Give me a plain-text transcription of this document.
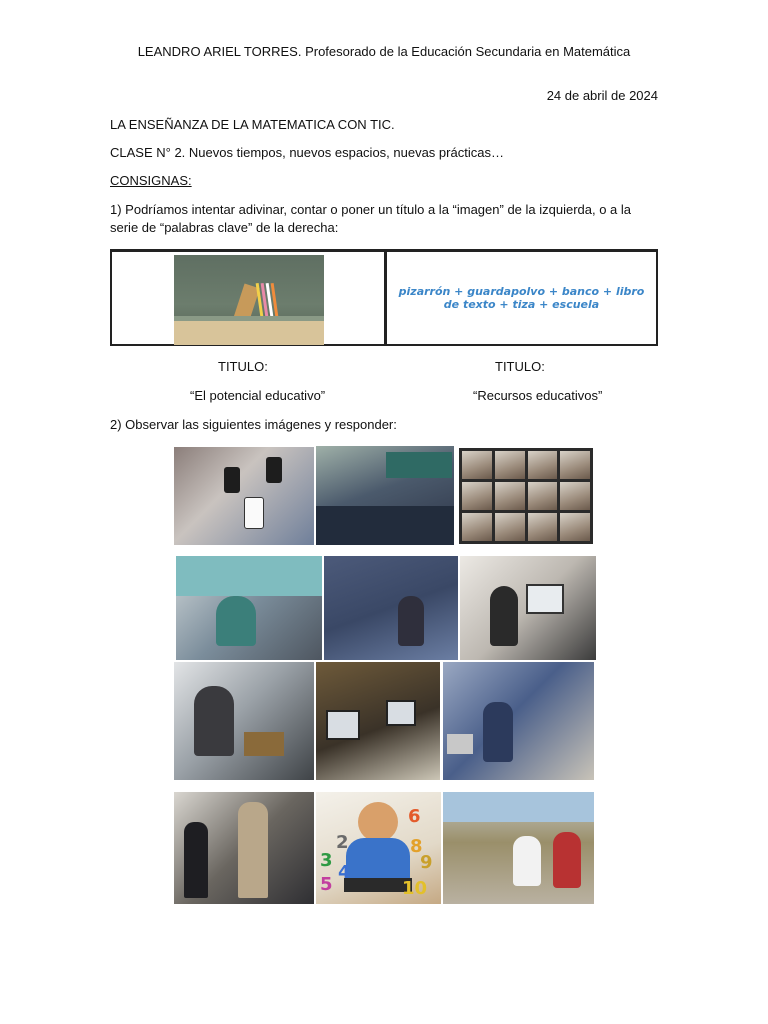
LEANDRO ARIEL TORRES. Profesorado de la Educación Secundaria en Matemática
24 de abril de 2024
LA ENSEÑANZA DE LA MATEMATICA CON TIC.
CLASE N° 2. Nuevos tiempos, nuevos espacios, nuevas prácticas…
CONSIGNAS:
1) Podríamos intentar adivinar, contar o poner un título a la “imagen” de la izquierda, o a la serie de “palabras clave” de la derecha:
pizarrón + guardapolvo + banco + libro de texto + tiza + escuela
TITULO:	TITULO:
“El potencial educativo”	“Recursos educativos”
2) Observar las siguientes imágenes y responder:
6
2
3
8
5
4	9
10
